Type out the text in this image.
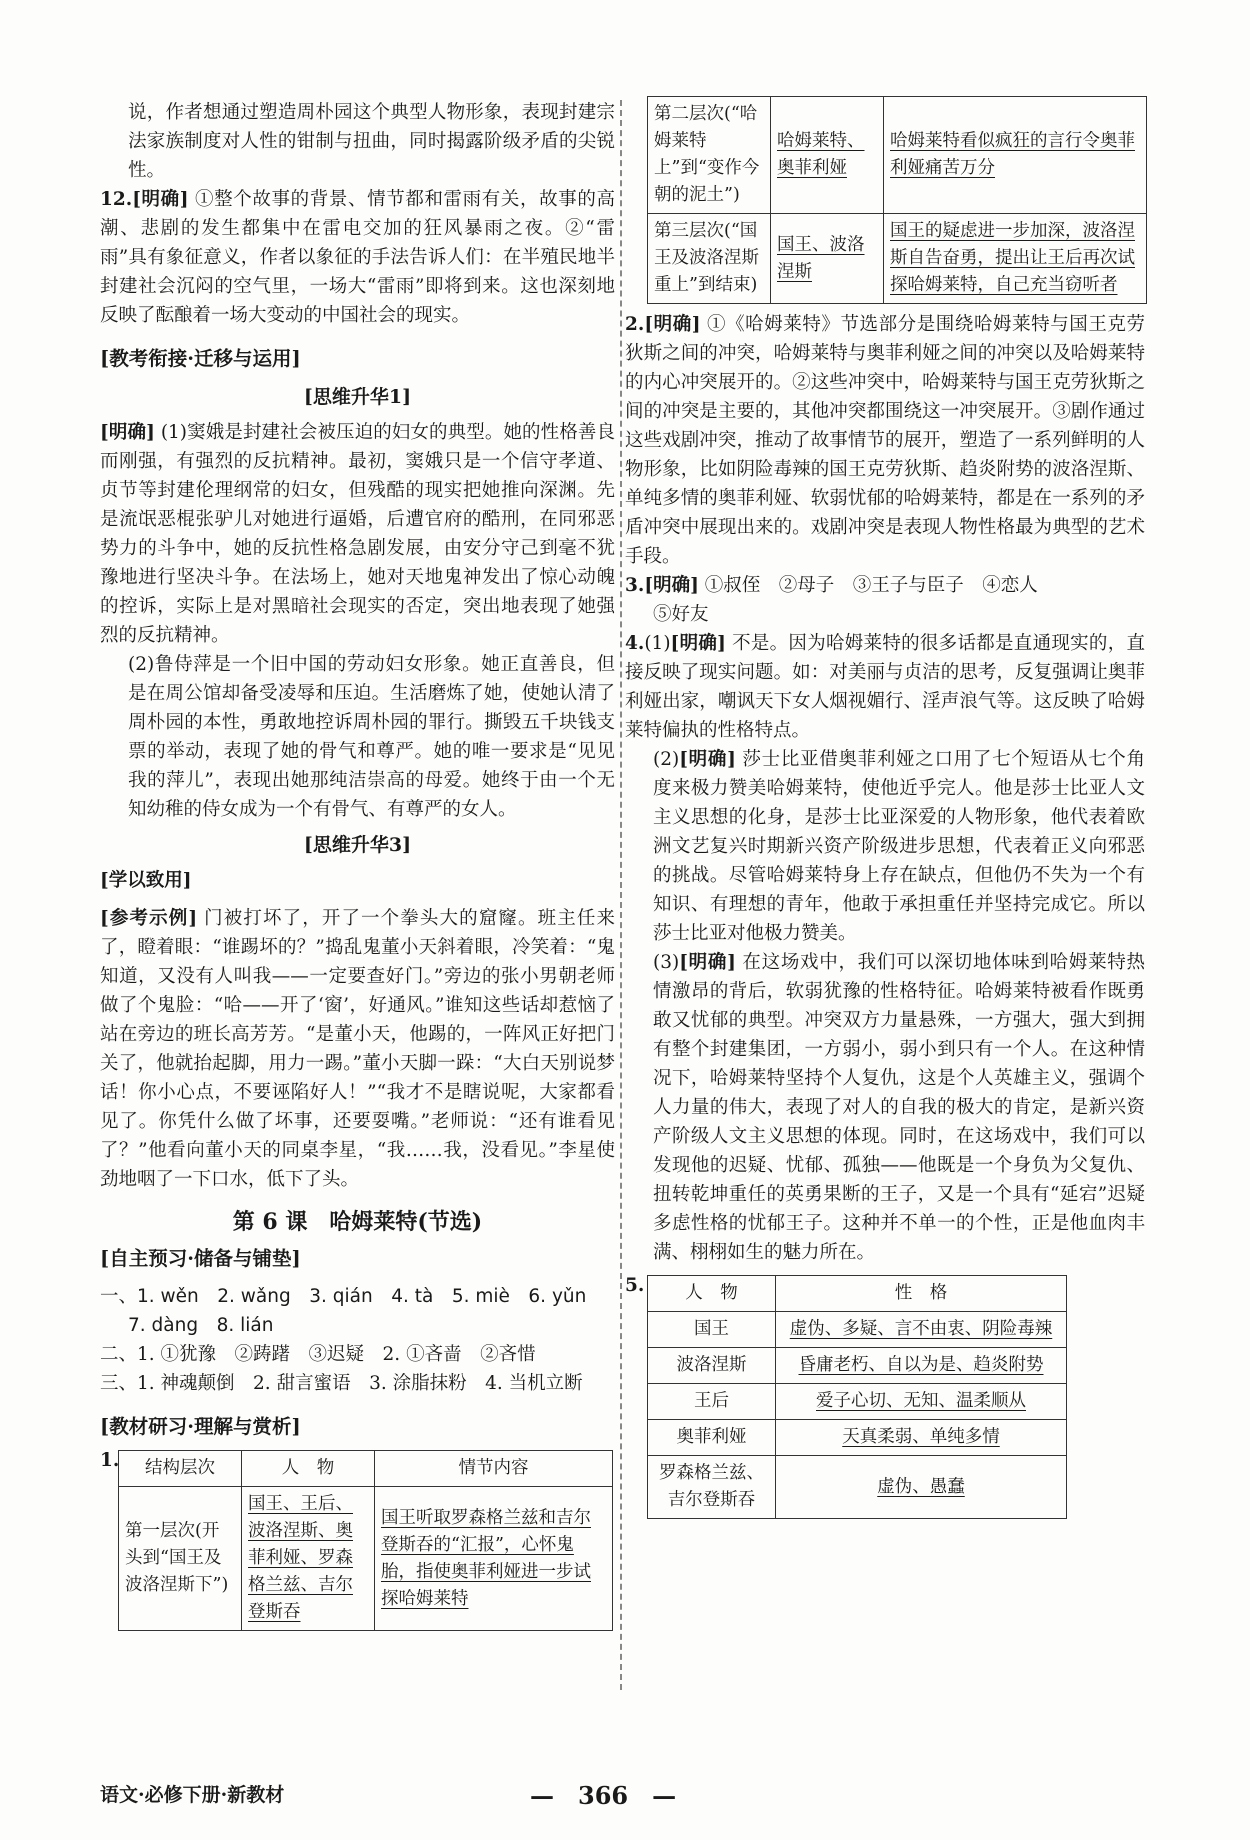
说，作者想通过塑造周朴园这个典型人物形象，表现封建宗法家族制度对人性的钳制与扭曲，同时揭露阶级矛盾的尖锐性。

12.[明确] ①整个故事的背景、情节都和雷雨有关，故事的高潮、悲剧的发生都集中在雷电交加的狂风暴雨之夜。②“雷雨”具有象征意义，作者以象征的手法告诉人们：在半殖民地半封建社会沉闷的空气里，一场大“雷雨”即将到来。这也深刻地反映了酝酿着一场大变动的中国社会的现实。

[教考衔接·迁移与运用]
[思维升华1]

[明确] (1)窦娥是封建社会被压迫的妇女的典型。她的性格善良而刚强，有强烈的反抗精神。最初，窦娥只是一个信守孝道、贞节等封建伦理纲常的妇女，但残酷的现实把她推向深渊。先是流氓恶棍张驴儿对她进行逼婚，后遭官府的酷刑，在同邪恶势力的斗争中，她的反抗性格急剧发展，由安分守己到毫不犹豫地进行坚决斗争。在法场上，她对天地鬼神发出了惊心动魄的控诉，实际上是对黑暗社会现实的否定，突出地表现了她强烈的反抗精神。

(2)鲁侍萍是一个旧中国的劳动妇女形象。她正直善良，但是在周公馆却备受凌辱和压迫。生活磨炼了她，使她认清了周朴园的本性，勇敢地控诉周朴园的罪行。撕毁五千块钱支票的举动，表现了她的骨气和尊严。她的唯一要求是“见见我的萍儿”，表现出她那纯洁崇高的母爱。她终于由一个无知幼稚的侍女成为一个有骨气、有尊严的女人。

[思维升华3]
[学以致用]

[参考示例] 门被打坏了，开了一个拳头大的窟窿。班主任来了，瞪着眼：“谁踢坏的？”捣乱鬼董小天斜着眼，冷笑着：“鬼知道，又没有人叫我——一定要查好门。”旁边的张小男朝老师做了个鬼脸：“哈——开了‘窗’，好通风。”谁知这些话却惹恼了站在旁边的班长高芳芳。“是董小天，他踢的，一阵风正好把门关了，他就抬起脚，用力一踢。”董小天脚一跺：“大白天别说梦话！你小心点，不要诬陷好人！”“我才不是瞎说呢，大家都看见了。你凭什么做了坏事，还要耍嘴。”老师说：“还有谁看见了？”他看向董小天的同桌李星，“我……我，没看见。”李星使劲地咽了一下口水，低下了头。

第 6 课　哈姆莱特(节选)
[自主预习·储备与铺垫]

一、1. wěn　2. wǎng　3. qián　4. tà　5. miè　6. yǔn

7. dàng　8. lián

二、1. ①犹豫　②踌躇　③迟疑　2. ①吝啬　②吝惜

三、1. 神魂颠倒　2. 甜言蜜语　3. 涂脂抹粉　4. 当机立断

[教材研习·理解与赏析]
1. 结构层次	人　物	情节内容
第一层次(开头到“国王及波洛涅斯下”)	国王、王后、波洛涅斯、奥菲利娅、罗森格兰兹、吉尔登斯吞	国王听取罗森格兰兹和吉尔登斯吞的“汇报”，心怀鬼胎，指使奥菲利娅进一步试探哈姆莱特
第二层次(“哈姆莱特上”到“变作今朝的泥土”)	哈姆莱特、奥菲利娅	哈姆莱特看似疯狂的言行令奥菲利娅痛苦万分
第三层次(“国王及波洛涅斯重上”到结束)	国王、波洛涅斯	国王的疑虑进一步加深，波洛涅斯自告奋勇，提出让王后再次试探哈姆莱特，自己充当窃听者

2.[明确] ①《哈姆莱特》节选部分是围绕哈姆莱特与国王克劳狄斯之间的冲突，哈姆莱特与奥菲利娅之间的冲突以及哈姆莱特的内心冲突展开的。②这些冲突中，哈姆莱特与国王克劳狄斯之间的冲突是主要的，其他冲突都围绕这一冲突展开。③剧作通过这些戏剧冲突，推动了故事情节的展开，塑造了一系列鲜明的人物形象，比如阴险毒辣的国王克劳狄斯、趋炎附势的波洛涅斯、单纯多情的奥菲利娅、软弱忧郁的哈姆莱特，都是在一系列的矛盾冲突中展现出来的。戏剧冲突是表现人物性格最为典型的艺术手段。

3.[明确] ①叔侄　②母子　③王子与臣子　④恋人

⑤好友

4.(1)[明确] 不是。因为哈姆莱特的很多话都是直通现实的，直接反映了现实问题。如：对美丽与贞洁的思考，反复强调让奥菲利娅出家，嘲讽天下女人烟视媚行、淫声浪气等。这反映了哈姆莱特偏执的性格特点。

(2)[明确] 莎士比亚借奥菲利娅之口用了七个短语从七个角度来极力赞美哈姆莱特，使他近乎完人。他是莎士比亚人文主义思想的化身，是莎士比亚深爱的人物形象，他代表着欧洲文艺复兴时期新兴资产阶级进步思想，代表着正义向邪恶的挑战。尽管哈姆莱特身上存在缺点，但他仍不失为一个有知识、有理想的青年，他敢于承担重任并坚持完成它。所以莎士比亚对他极力赞美。

(3)[明确] 在这场戏中，我们可以深切地体味到哈姆莱特热情激昂的背后，软弱犹豫的性格特征。哈姆莱特被看作既勇敢又忧郁的典型。冲突双方力量悬殊，一方强大，强大到拥有整个封建集团，一方弱小，弱小到只有一个人。在这种情况下，哈姆莱特坚持个人复仇，这是个人英雄主义，强调个人力量的伟大，表现了对人的自我的极大的肯定，是新兴资产阶级人文主义思想的体现。同时，在这场戏中，我们可以发现他的迟疑、忧郁、孤独——他既是一个身负为父复仇、扭转乾坤重任的英勇果断的王子，又是一个具有“延宕”迟疑多虑性格的忧郁王子。这种并不单一的个性，正是他血肉丰满、栩栩如生的魅力所在。

5. 人　物	性　格
国王	虚伪、多疑、言不由衷、阴险毒辣
波洛涅斯	昏庸老朽、自以为是、趋炎附势
王后	爱子心切、无知、温柔顺从
奥菲利娅	天真柔弱、单纯多情
罗森格兰兹、吉尔登斯吞	虚伪、愚蠢
语文·必修下册·新教材	—　366　—
